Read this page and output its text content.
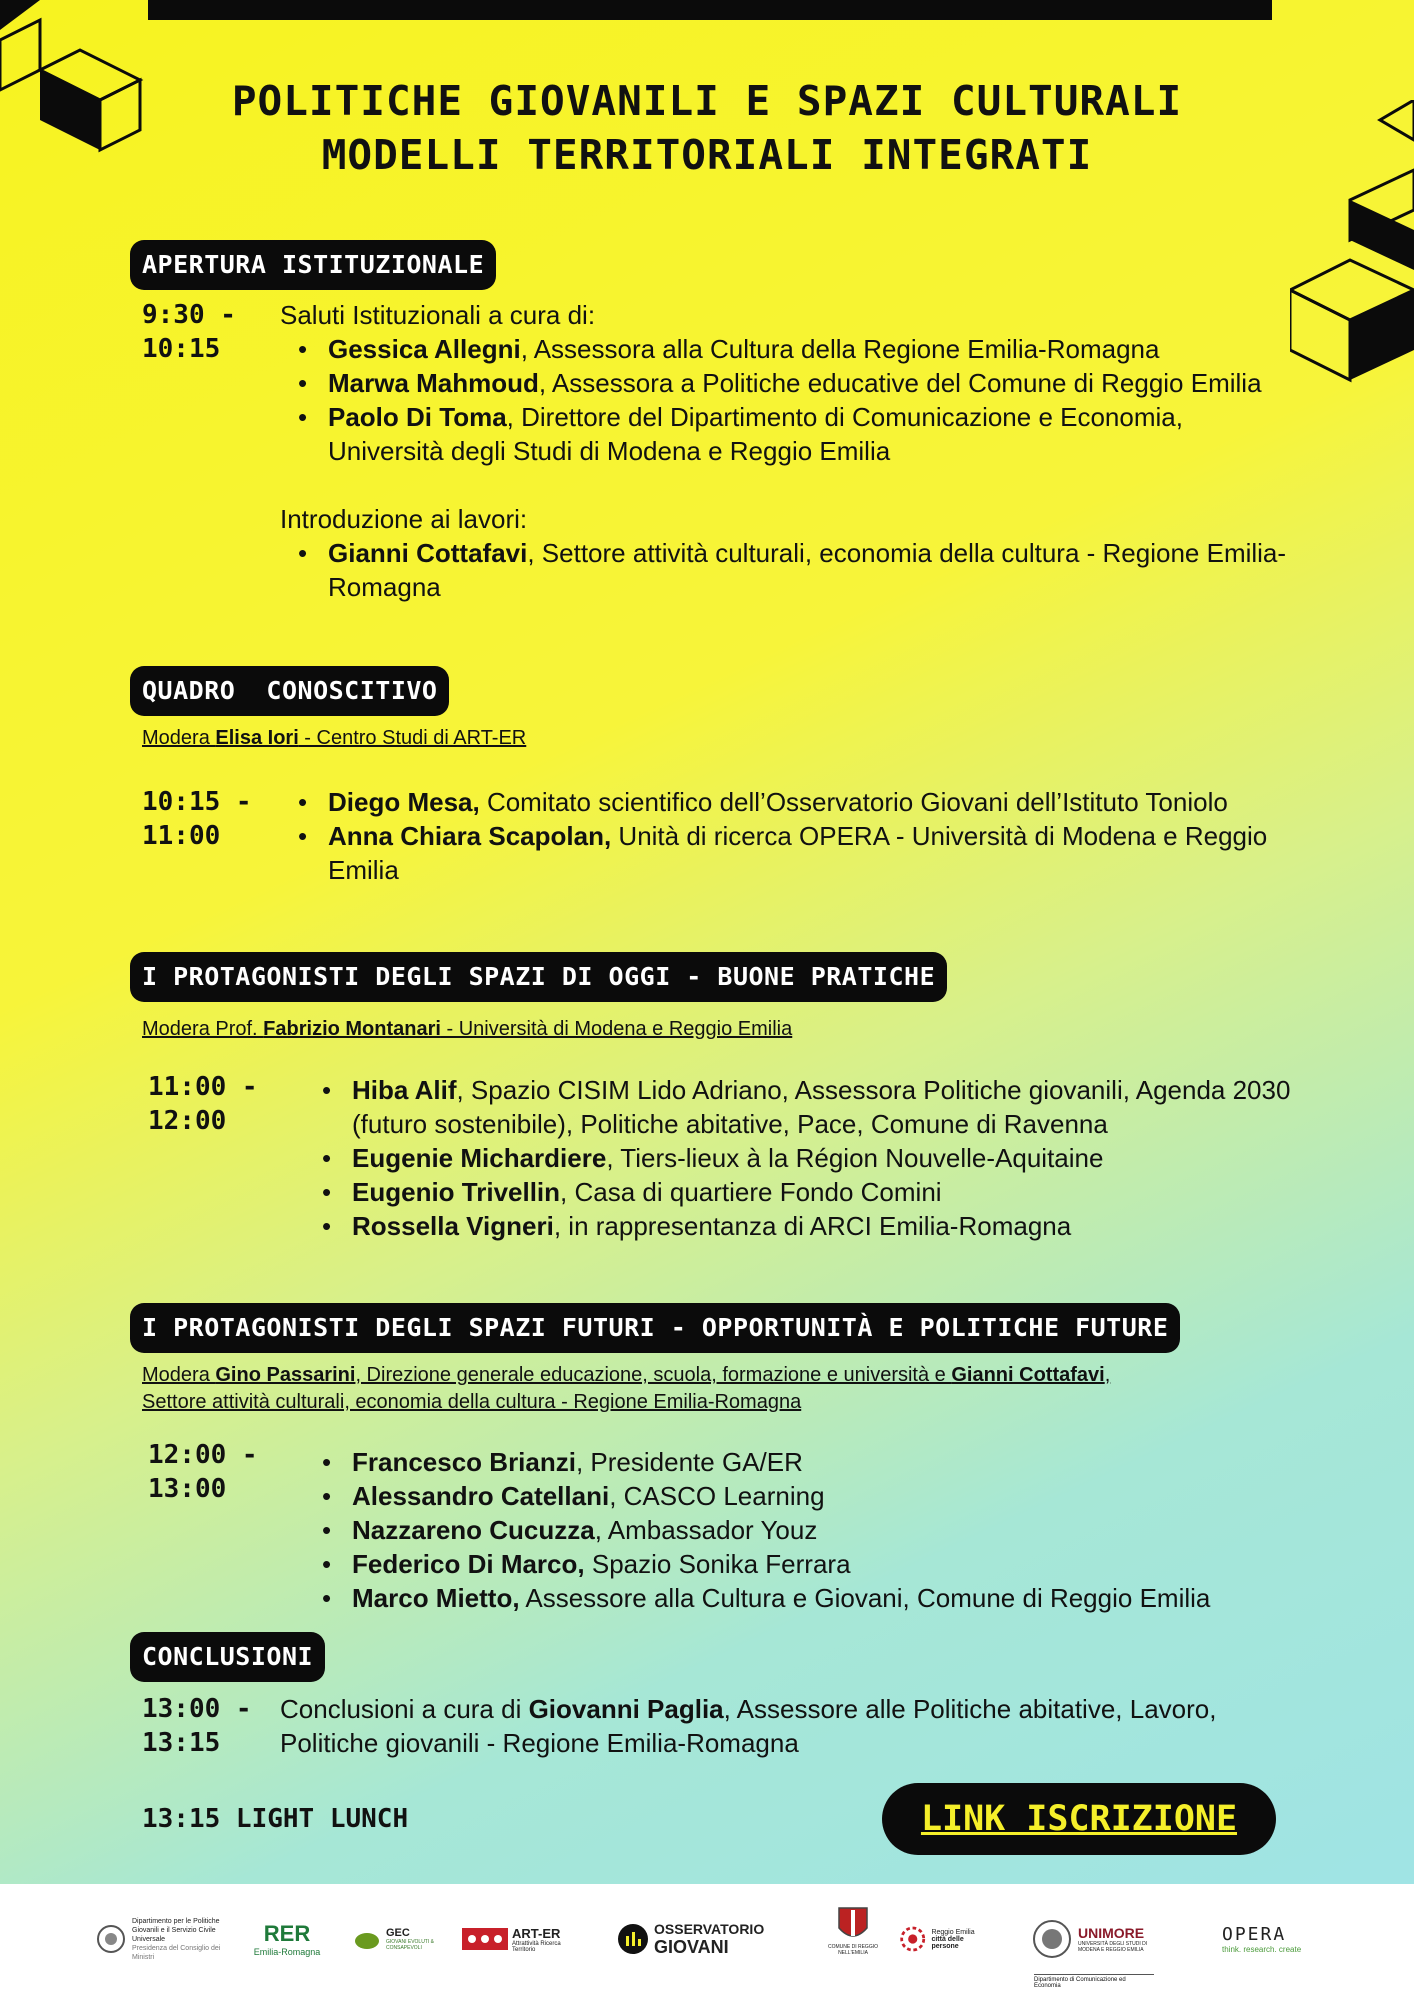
POLITICHE GIOVANILI E SPAZI CULTURALI
MODELLI TERRITORIALI INTEGRATI
APERTURA ISTITUZIONALE
9:30 -
10:15

Saluti Istituzionali a cura di:

• Gessica Allegni, Assessora alla Cultura della Regione Emilia-Romagna
• Marwa Mahmoud, Assessora a Politiche educative del Comune di Reggio Emilia
• Paolo Di Toma, Direttore del Dipartimento di Comunicazione e Economia, Università degli Studi di Modena e Reggio Emilia

Introduzione ai lavori:

• Gianni Cottafavi, Settore attività culturali, economia della cultura - Regione Emilia-Romagna
QUADRO  CONOSCITIVO
Modera Elisa Iori - Centro Studi di ART-ER
10:15 -
11:00
• Diego Mesa, Comitato scientifico dell’Osservatorio Giovani dell’Istituto Toniolo
• Anna Chiara Scapolan, Unità di ricerca OPERA - Università di Modena e Reggio Emilia
I PROTAGONISTI DEGLI SPAZI DI OGGI - BUONE PRATICHE
Modera Prof. Fabrizio Montanari - Università di Modena e Reggio Emilia
11:00 -
12:00
• Hiba Alif, Spazio CISIM Lido Adriano, Assessora Politiche giovanili, Agenda 2030 (futuro sostenibile), Politiche abitative, Pace, Comune di Ravenna
• Eugenie Michardiere, Tiers-lieux à la Région Nouvelle-Aquitaine
• Eugenio Trivellin, Casa di quartiere Fondo Comini
• Rossella Vigneri, in rappresentanza di ARCI Emilia-Romagna
I PROTAGONISTI DEGLI SPAZI FUTURI - OPPORTUNITÀ E POLITICHE FUTURE
Modera Gino Passarini, Direzione generale educazione, scuola, formazione e università e Gianni Cottafavi,
Settore attività culturali, economia della cultura - Regione Emilia-Romagna
12:00 -
13:00
• Francesco Brianzi, Presidente GA/ER
• Alessandro Catellani, CASCO Learning
• Nazzareno Cucuzza, Ambassador Youz
• Federico Di Marco, Spazio Sonika Ferrara
• Marco Mietto, Assessore alla Cultura e Giovani, Comune di Reggio Emilia
CONCLUSIONI
13:00 -
13:15

Conclusioni a cura di Giovanni Paglia, Assessore alle Politiche abitative, Lavoro, Politiche giovanili - Regione Emilia-Romagna

13:15 LIGHT LUNCH	LINK ISCRIZIONE
Dipartimento per le Politiche Giovanili e il Servizio Civile Universale
Presidenza del Consiglio dei Ministri
RER
Emilia-Romagna
GEC
GIOVANI EVOLUTI & CONSAPEVOLI
ART-ER
Attrattività Ricerca Territorio
OSSERVATORIO
GIOVANI	COMUNE DI REGGIO NELL'EMILIA
Reggio Emilia
città delle persone
UNIMORE
UNIVERSITÀ DEGLI STUDI DI MODENA E REGGIO EMILIA
Dipartimento di Comunicazione ed Economia
OPERA
think. research. create
